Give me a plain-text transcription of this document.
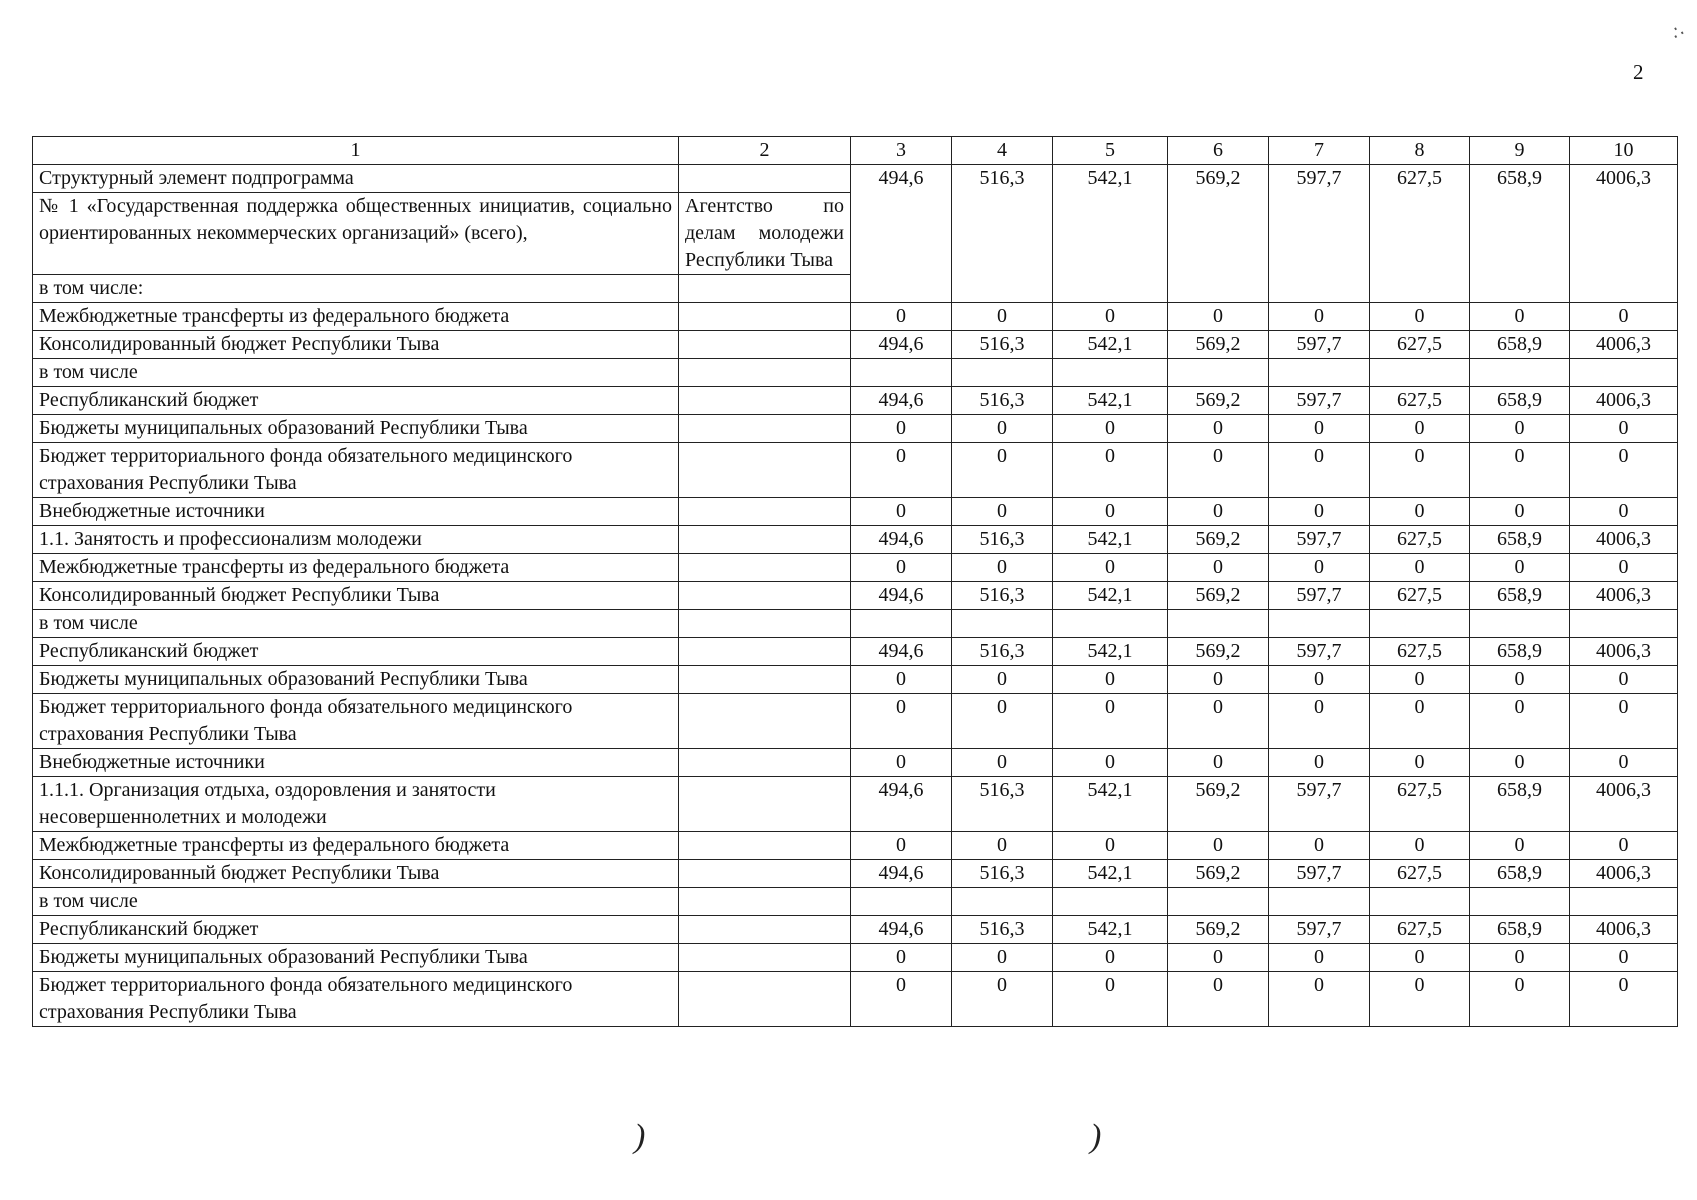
∴
2
1	2	3	4	5	6	7	8	9	10
Структурный элемент подпрограмма		494,6	516,3	542,1	569,2	597,7	627,5	658,9	4006,3
№ 1 «Государственная поддержка общественных инициатив, социально ориентированных некоммерческих организаций» (всего),	Агентство по делам молодежи Республики Тыва								
в том числе:									
Межбюджетные трансферты из федерального бюджета		0	0	0	0	0	0	0	0
Консолидированный бюджет Республики Тыва		494,6	516,3	542,1	569,2	597,7	627,5	658,9	4006,3
в том числе									
Республиканский бюджет		494,6	516,3	542,1	569,2	597,7	627,5	658,9	4006,3
Бюджеты муниципальных образований Республики Тыва		0	0	0	0	0	0	0	0
Бюджет территориального фонда обязательного медицинского страхования Республики Тыва		0	0	0	0	0	0	0	0
Внебюджетные источники		0	0	0	0	0	0	0	0
1.1. Занятость и профессионализм молодежи		494,6	516,3	542,1	569,2	597,7	627,5	658,9	4006,3
Межбюджетные трансферты из федерального бюджета		0	0	0	0	0	0	0	0
Консолидированный бюджет Республики Тыва		494,6	516,3	542,1	569,2	597,7	627,5	658,9	4006,3
в том числе									
Республиканский бюджет		494,6	516,3	542,1	569,2	597,7	627,5	658,9	4006,3
Бюджеты муниципальных образований Республики Тыва		0	0	0	0	0	0	0	0
Бюджет территориального фонда обязательного медицинского страхования Республики Тыва		0	0	0	0	0	0	0	0
Внебюджетные источники		0	0	0	0	0	0	0	0
1.1.1. Организация отдыха, оздоровления и занятости несовершеннолетних и молодежи		494,6	516,3	542,1	569,2	597,7	627,5	658,9	4006,3
Межбюджетные трансферты из федерального бюджета		0	0	0	0	0	0	0	0
Консолидированный бюджет Республики Тыва		494,6	516,3	542,1	569,2	597,7	627,5	658,9	4006,3
в том числе									
Республиканский бюджет		494,6	516,3	542,1	569,2	597,7	627,5	658,9	4006,3
Бюджеты муниципальных образований Республики Тыва		0	0	0	0	0	0	0	0
Бюджет территориального фонда обязательного медицинского страхования Республики Тыва		0	0	0	0	0	0	0	0
)	)
